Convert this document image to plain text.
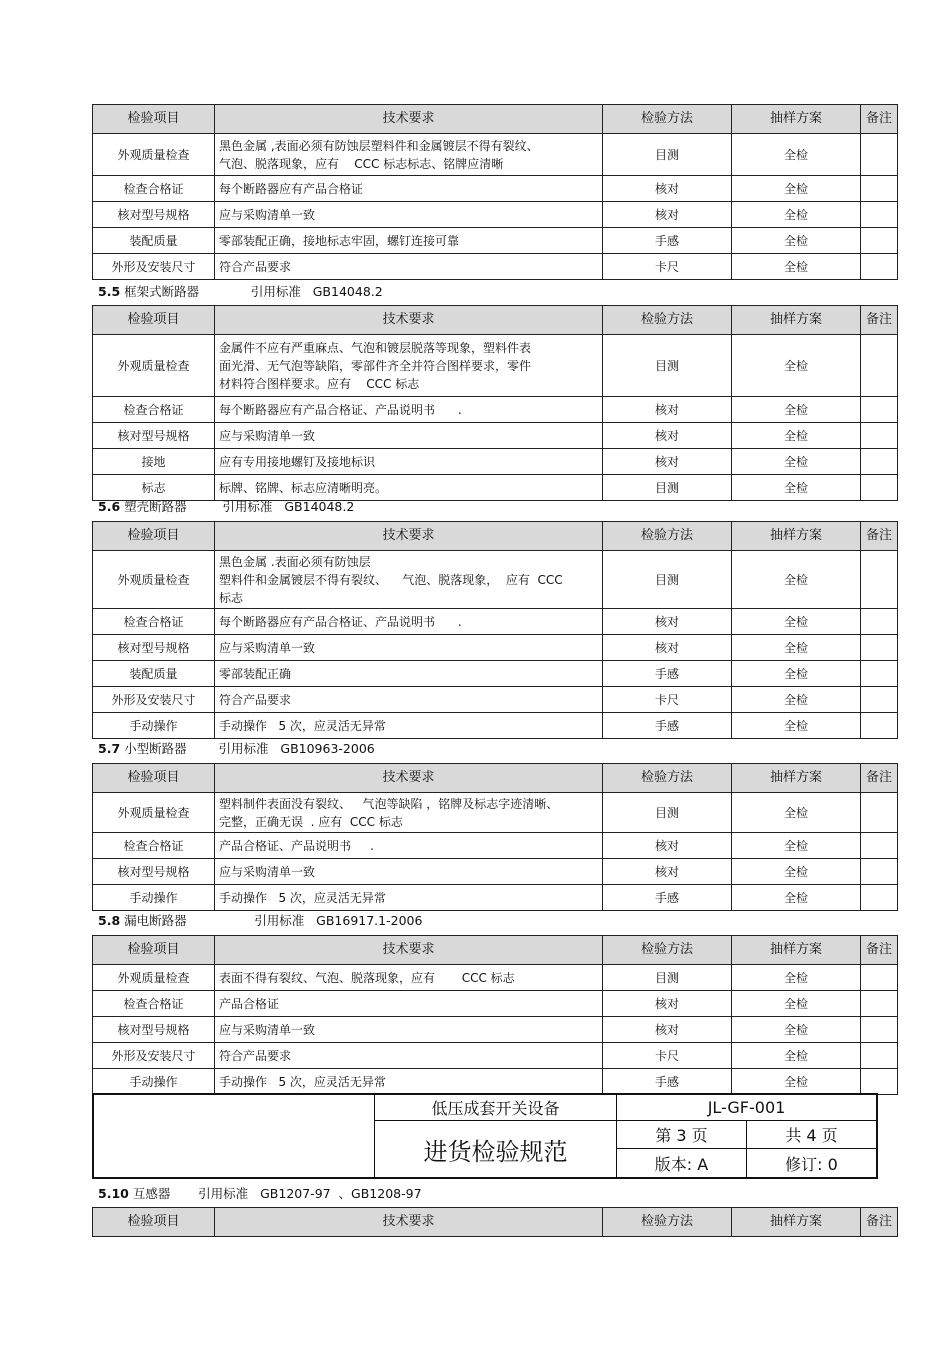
5.5 框架式断路器	引用标准 GB14048.2
5.6 塑壳断路器	引用标准 GB14048.2
5.7 小型断路器	引用标准 GB10963-2006
5.8 漏电断路器	引用标准 GB16917.1-2006
5.10 互感器 引用标准 GB1207-97  、GB1208-97
检验项目	技术要求	检验方法	抽样方案	备注
外观质量检查	黑色金属 ,表面必须有防蚀层塑料件和金属镀层不得有裂纹、
气泡、脱落现象，应有    CCC 标志标志、铭牌应清晰	目测	全检	
检查合格证	每个断路器应有产品合格证	核对	全检	
核对型号规格	应与采购清单一致	核对	全检	
装配质量	零部装配正确，接地标志牢固，螺钉连接可靠	手感	全检	
外形及安装尺寸	符合产品要求	卡尺	全检	
检验项目	技术要求	检验方法	抽样方案	备注
外观质量检查	金属件不应有严重麻点、气泡和镀层脱落等现象，塑料件表
面光滑、无气泡等缺陷，零部件齐全并符合图样要求，零件
材料符合图样要求。应有    CCC 标志	目测	全检	
检查合格证	每个断路器应有产品合格证、产品说明书      .	核对	全检	
核对型号规格	应与采购清单一致	核对	全检	
接地	应有专用接地螺钉及接地标识	核对	全检	
标志	标牌、铭牌、标志应清晰明亮。	目测	全检	
检验项目	技术要求	检验方法	抽样方案	备注
外观质量检查	黑色金属 .表面必须有防蚀层
塑料件和金属镀层不得有裂纹、    气泡、脱落现象，  应有  CCC
标志	目测	全检	
检查合格证	每个断路器应有产品合格证、产品说明书      .	核对	全检	
核对型号规格	应与采购清单一致	核对	全检	
装配质量	零部装配正确	手感	全检	
外形及安装尺寸	符合产品要求	卡尺	全检	
手动操作	手动操作   5 次，应灵活无异常	手感	全检	
检验项目	技术要求	检验方法	抽样方案	备注
外观质量检查	塑料制件表面没有裂纹、   气泡等缺陷 ，铭牌及标志字迹清晰、
完整，正确无误  . 应有  CCC 标志	目测	全检	
检查合格证	产品合格证、产品说明书     .	核对	全检	
核对型号规格	应与采购清单一致	核对	全检	
手动操作	手动操作   5 次，应灵活无异常	手感	全检	
检验项目	技术要求	检验方法	抽样方案	备注
外观质量检查	表面不得有裂纹、气泡、脱落现象，应有       CCC 标志	目测	全检	
检查合格证	产品合格证	核对	全检	
核对型号规格	应与采购清单一致	核对	全检	
外形及安装尺寸	符合产品要求	卡尺	全检	
手动操作	手动操作   5 次，应灵活无异常	手感	全检	
检验项目	技术要求	检验方法	抽样方案	备注
低压成套开关设备	JL-GF-001
进货检验规范
第 3 页	共 4 页
版本: A	修订: 0
